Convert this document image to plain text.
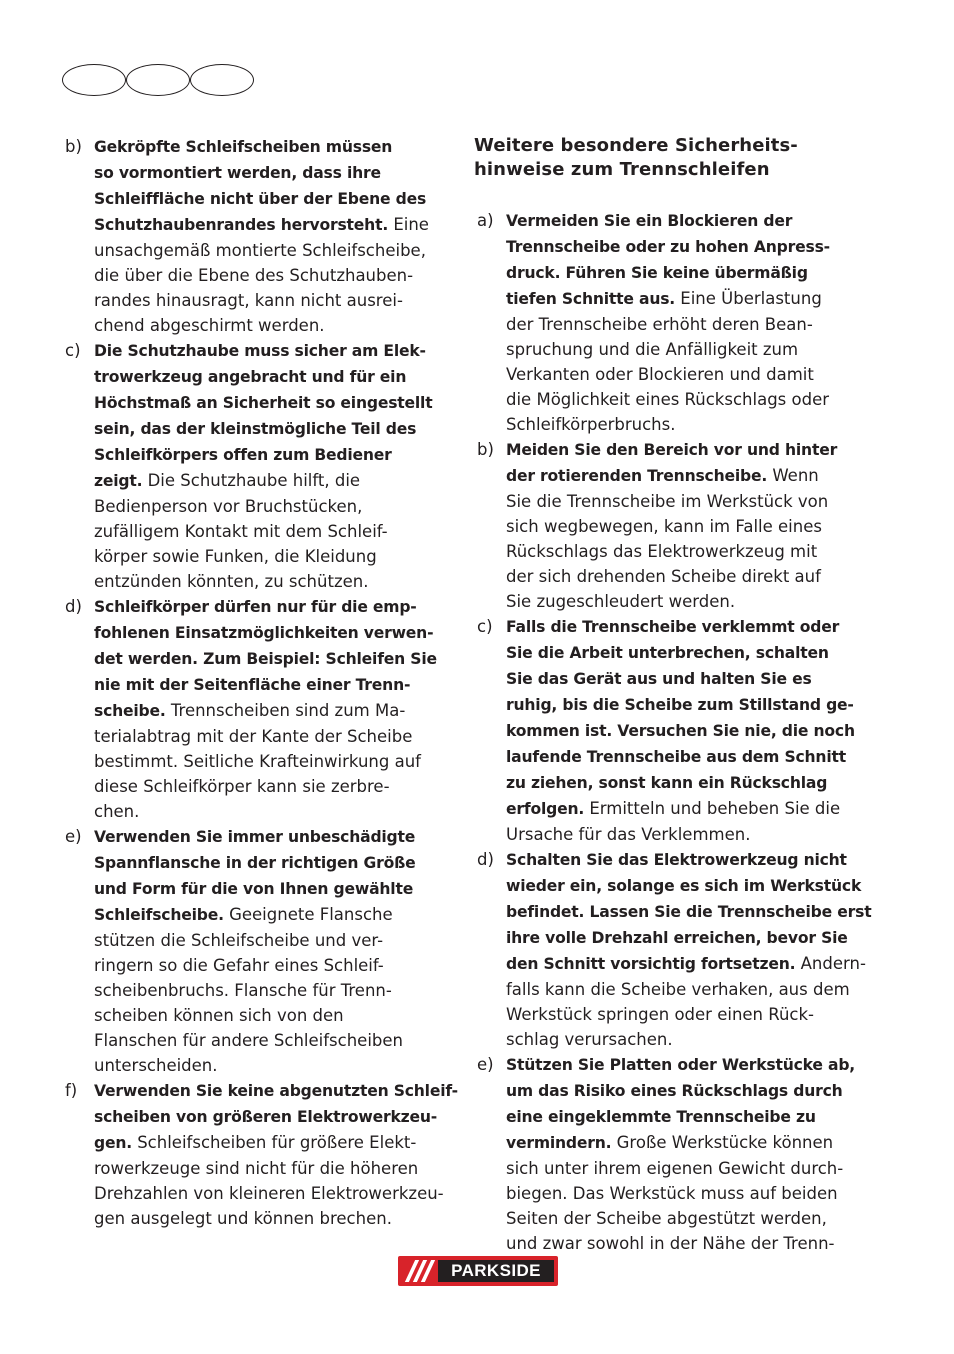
b) Gekröpfte Schleifscheiben müssen
so vormontiert werden, dass ihre
Schleiffläche nicht über der Ebene des
Schutzhaubenrandes hervorsteht. Eine
unsachgemäß montierte Schleifscheibe,
die über die Ebene des Schutzhauben-
randes hinausragt, kann nicht ausrei-
chend abgeschirmt werden.
c) Die Schutzhaube muss sicher am Elek-
trowerkzeug angebracht und für ein
Höchstmaß an Sicherheit so eingestellt
sein, das der kleinstmögliche Teil des
Schleifkörpers offen zum Bediener
zeigt. Die Schutzhaube hilft, die
Bedienperson vor Bruchstücken,
zufälligem Kontakt mit dem Schleif-
körper sowie Funken, die Kleidung
entzünden könnten, zu schützen.
d) Schleifkörper dürfen nur für die emp-
fohlenen Einsatzmöglichkeiten verwen-
det werden. Zum Beispiel: Schleifen Sie
nie mit der Seitenfläche einer Trenn-
scheibe. Trennscheiben sind zum Ma-
terialabtrag mit der Kante der Scheibe
bestimmt. Seitliche Krafteinwirkung auf
diese Schleifkörper kann sie zerbre-
chen.
e) Verwenden Sie immer unbeschädigte
Spannflansche in der richtigen Größe
und Form für die von Ihnen gewählte
Schleifscheibe. Geeignete Flansche
stützen die Schleifscheibe und ver-
ringern so die Gefahr eines Schleif-
scheibenbruchs. Flansche für Trenn-
scheiben können sich von den
Flanschen für andere Schleifscheiben
unterscheiden.
f) Verwenden Sie keine abgenutzten Schleif-
scheiben von größeren Elektrowerkzeu-
gen. Schleifscheiben für größere Elekt-
rowerkzeuge sind nicht für die höheren
Drehzahlen von kleineren Elektrowerkzeu-
gen ausgelegt und können brechen.
Weitere besondere Sicherheits-
hinweise zum Trennschleifen
a) Vermeiden Sie ein Blockieren der
Trennscheibe oder zu hohen Anpress-
druck. Führen Sie keine übermäßig
tiefen Schnitte aus. Eine Überlastung
der Trennscheibe erhöht deren Bean-
spruchung und die Anfälligkeit zum
Verkanten oder Blockieren und damit
die Möglichkeit eines Rückschlags oder
Schleifkörperbruchs.
b) Meiden Sie den Bereich vor und hinter
der rotierenden Trennscheibe. Wenn
Sie die Trennscheibe im Werkstück von
sich wegbewegen, kann im Falle eines
Rückschlags das Elektrowerkzeug mit
der sich drehenden Scheibe direkt auf
Sie zugeschleudert werden.
c) Falls die Trennscheibe verklemmt oder
Sie die Arbeit unterbrechen, schalten
Sie das Gerät aus und halten Sie es
ruhig, bis die Scheibe zum Stillstand ge-
kommen ist. Versuchen Sie nie, die noch
laufende Trennscheibe aus dem Schnitt
zu ziehen, sonst kann ein Rückschlag
erfolgen. Ermitteln und beheben Sie die
Ursache für das Verklemmen.
d) Schalten Sie das Elektrowerkzeug nicht
wieder ein, solange es sich im Werkstück
befindet. Lassen Sie die Trennscheibe erst
ihre volle Drehzahl erreichen, bevor Sie
den Schnitt vorsichtig fortsetzen. Andern-
falls kann die Scheibe verhaken, aus dem
Werkstück springen oder einen Rück-
schlag verursachen.
e) Stützen Sie Platten oder Werkstücke ab,
um das Risiko eines Rückschlags durch
eine eingeklemmte Trennscheibe zu
vermindern. Große Werkstücke können
sich unter ihrem eigenen Gewicht durch-
biegen. Das Werkstück muss auf beiden
Seiten der Scheibe abgestützt werden,
und zwar sowohl in der Nähe der Trenn-
PARKSIDE
